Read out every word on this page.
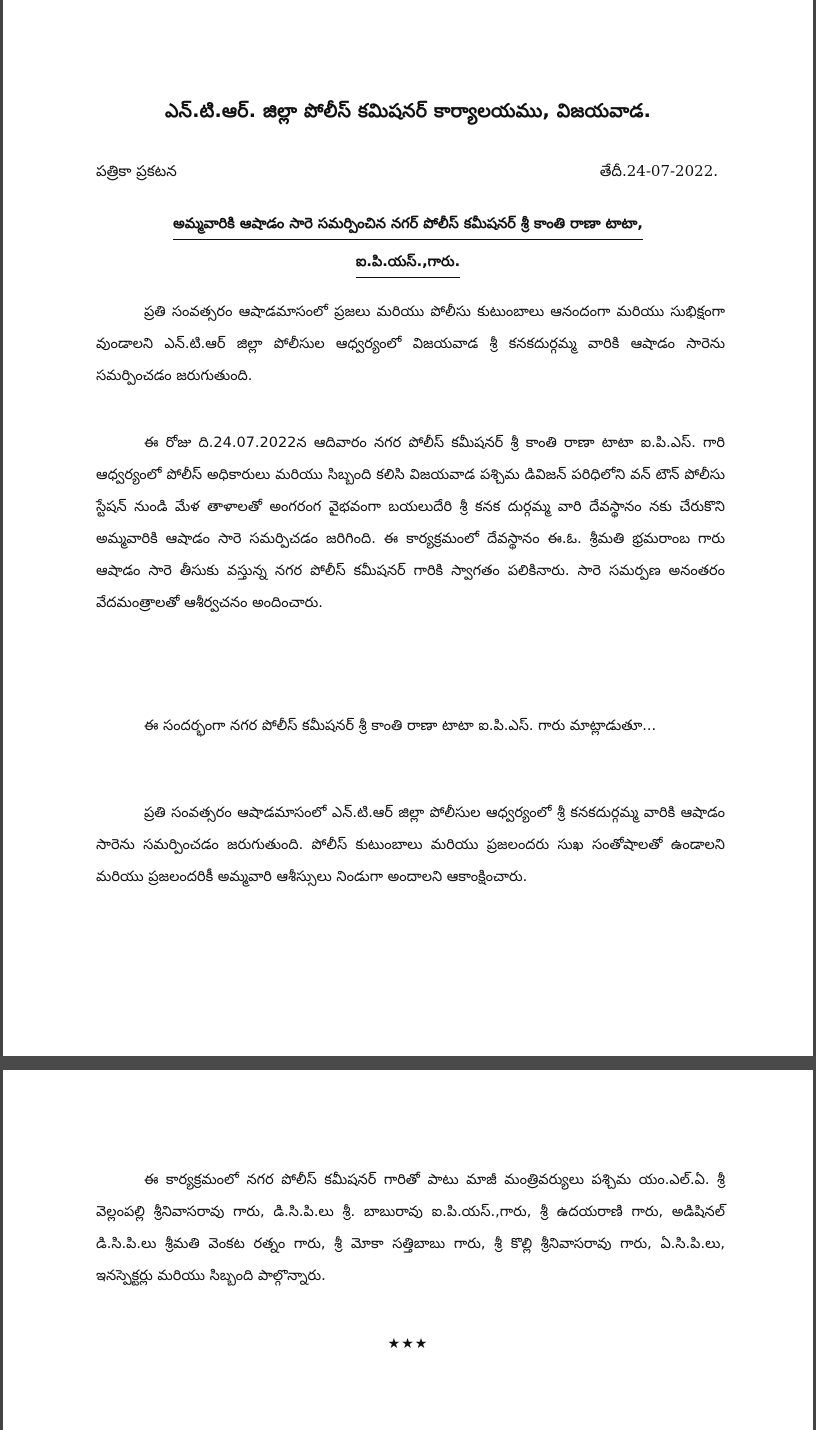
ఎన్.టి.ఆర్. జిల్లా పోలీస్ కమిషనర్ కార్యాలయము, విజయవాడ.
పత్రికా ప్రకటన	తేదీ.24-07-2022.
అమ్మవారికి ఆషాడం సారె సమర్పించిన నగర్ పోలీస్ కమీషనర్ శ్రీ కాంతి రాణా టాటా,
ఐ.పి.యస్.,గారు.

ప్రతి సంవత్సరం ఆషాడమాసంలో ప్రజలు మరియు పోలీసు కుటుంబాలు ఆనందంగా మరియు సుభిక్షంగా వుండాలని ఎన్.టి.ఆర్ జిల్లా పోలీసుల ఆధ్వర్యంలో విజయవాడ శ్రీ కనకదుర్గమ్మ వారికి ఆషాడం సారెను సమర్పించడం జరుగుతుంది.

ఈ రోజు ది.24.07.2022న ఆదివారం నగర పోలీస్ కమీషనర్ శ్రీ కాంతి రాణా టాటా ఐ.పి.ఎస్. గారి ఆధ్వర్యంలో పోలీస్ అధికారులు మరియు సిబ్బంది కలిసి విజయవాడ పశ్చిమ డివిజన్ పరిధిలోని వన్ టౌన్ పోలీసు స్టేషన్ నుండి మేళ తాళాలతో అంగరంగ వైభవంగా బయలుదేరి శ్రీ కనక దుర్గమ్మ వారి దేవస్థానం నకు చేరుకొని అమ్మవారికి ఆషాడం సారె సమర్పిచడం జరిగింది. ఈ కార్యక్రమంలో దేవస్థానం ఈ.ఓ. శ్రీమతి భ్రమరాంబ గారు ఆషాడం సారె తీసుకు వస్తున్న నగర పోలీస్ కమీషనర్ గారికి స్వాగతం పలికినారు. సారె సమర్పణ అనంతరం వేదమంత్రాలతో ఆశీర్వచనం అందించారు.

ఈ సందర్భంగా నగర పోలీస్ కమీషనర్ శ్రీ కాంతి రాణా టాటా ఐ.పి.ఎస్. గారు మాట్లాడుతూ...

ప్రతి సంవత్సరం ఆషాడమాసంలో ఎన్.టి.ఆర్ జిల్లా పోలీసుల ఆధ్వర్యంలో శ్రీ కనకదుర్గమ్మ వారికి ఆషాడం సారెను సమర్పించడం జరుగుతుంది. పోలీస్ కుటుంబాలు మరియు ప్రజలందరు సుఖ సంతోషాలతో ఉండాలని మరియు ప్రజలందరికీ అమ్మవారి ఆశీస్సులు నిండుగా అందాలని ఆకాంక్షించారు.

ఈ కార్యక్రమంలో నగర పోలీస్ కమీషనర్ గారితో పాటు మాజీ మంత్రివర్యులు పశ్చిమ యం.ఎల్.ఏ. శ్రీ వెల్లంపల్లి శ్రీనివాసరావు గారు, డి.సి.పి.లు శ్రీ. బాబురావు ఐ.పి.యస్.,గారు, శ్రీ ఉదయరాణి గారు, అడిషినల్ డి.సి.పి.లు శ్రీమతి వెంకట రత్నం గారు, శ్రీ మోకా సత్తిబాబు గారు, శ్రీ కొల్లి శ్రీనివాసరావు గారు, ఏ.సి.పి.లు, ఇనస్పెక్టర్లు మరియు సిబ్బంది పాల్గొన్నారు.

★★★
